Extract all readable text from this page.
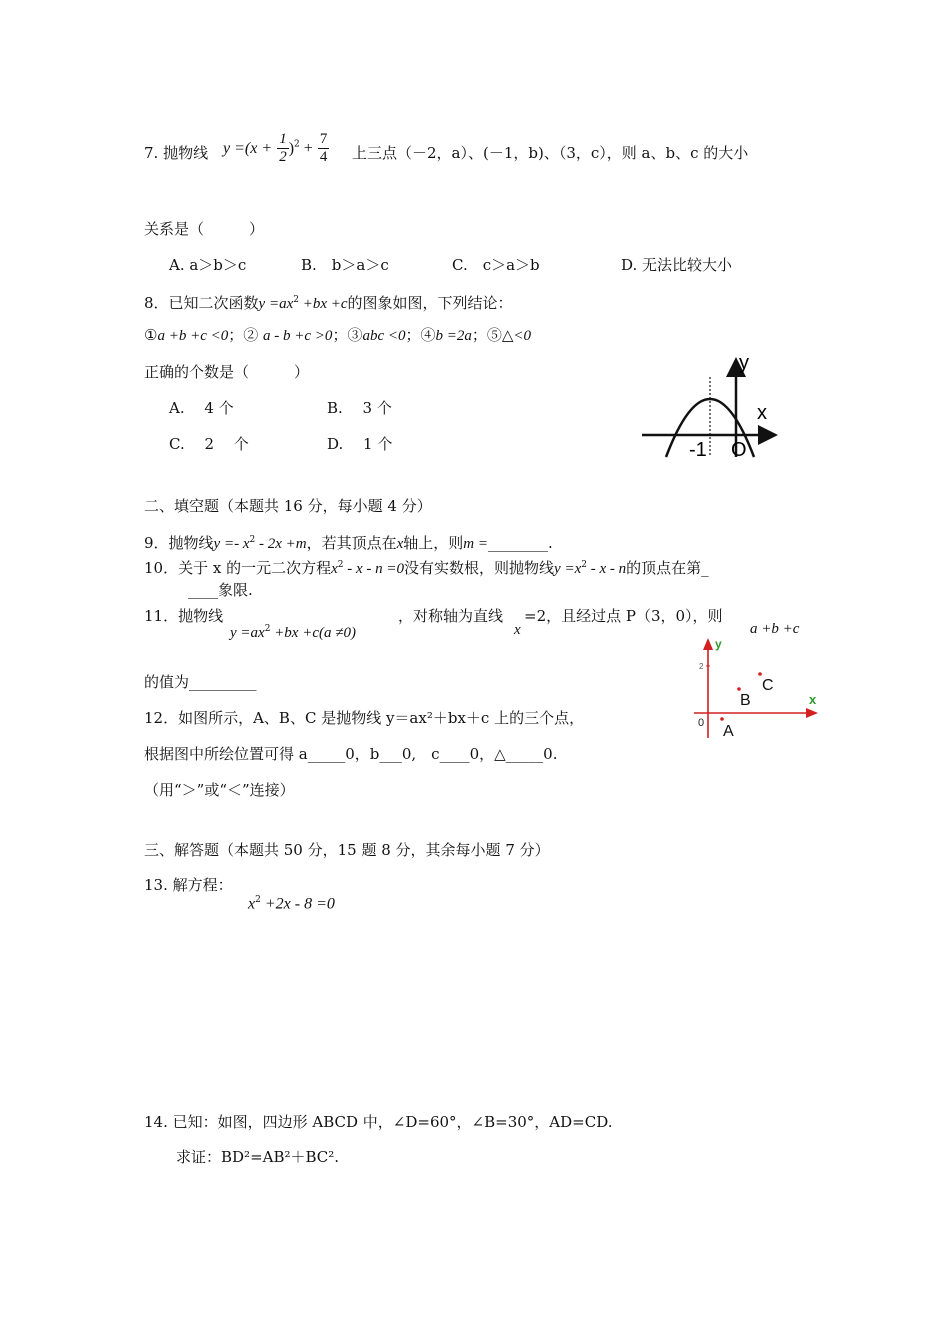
7. 抛物线 $y =(x + \frac{1}{2} )^2 + \frac{7}{4}$ 上三点（－2，a）、(－1，b)、（3，c），则 a、b、c 的大小
关系是（　　　）
A. a＞b＞c	B.　b＞a＞c	C.　c＞a＞b	D. 无法比较大小
8．已知二次函数$y =ax^2 +bx +c$的图象如图，下列结论：
①a +b +c <0；② a - b +c >0；③abc <0；④b =2a；⑤△<0
正确的个数是（　　　）
A.　 4 个	B.　 3 个
C.　 2　 个	D.　 1 个
y
x
-1 O
二、填空题（本题共 16 分，每小题 4 分）
9．抛物线$y =- x^2 - 2x +m$，若其顶点在x轴上，则m =________.
10．关于 x 的一元二次方程$x^2 - x - n =0$没有实数根，则抛物线$y =x^2 - x - n$的顶点在第_
____象限.
11．抛物线
$y =ax^2 +bx +c(a \ne 0)$
，对称轴为直线
x
=2，且经过点 P（3，0），则
a +b +c
的值为_________
12．如图所示，A、B、C 是抛物线 y＝ax²＋bx＋c 上的三个点，
根据图中所绘位置可得 a_____0，b___0,　c____0，△_____0.
（用“＞”或“＜”连接）
y
x
2
0 A
B
C
三、解答题（本题共 50 分，15 题 8 分，其余每小题 7 分）
13. 解方程：
$x^2 +2x - 8 =0$
14. 已知：如图，四边形 ABCD 中，∠D=60°，∠B=30°，AD=CD.
求证：BD²=AB²＋BC².
